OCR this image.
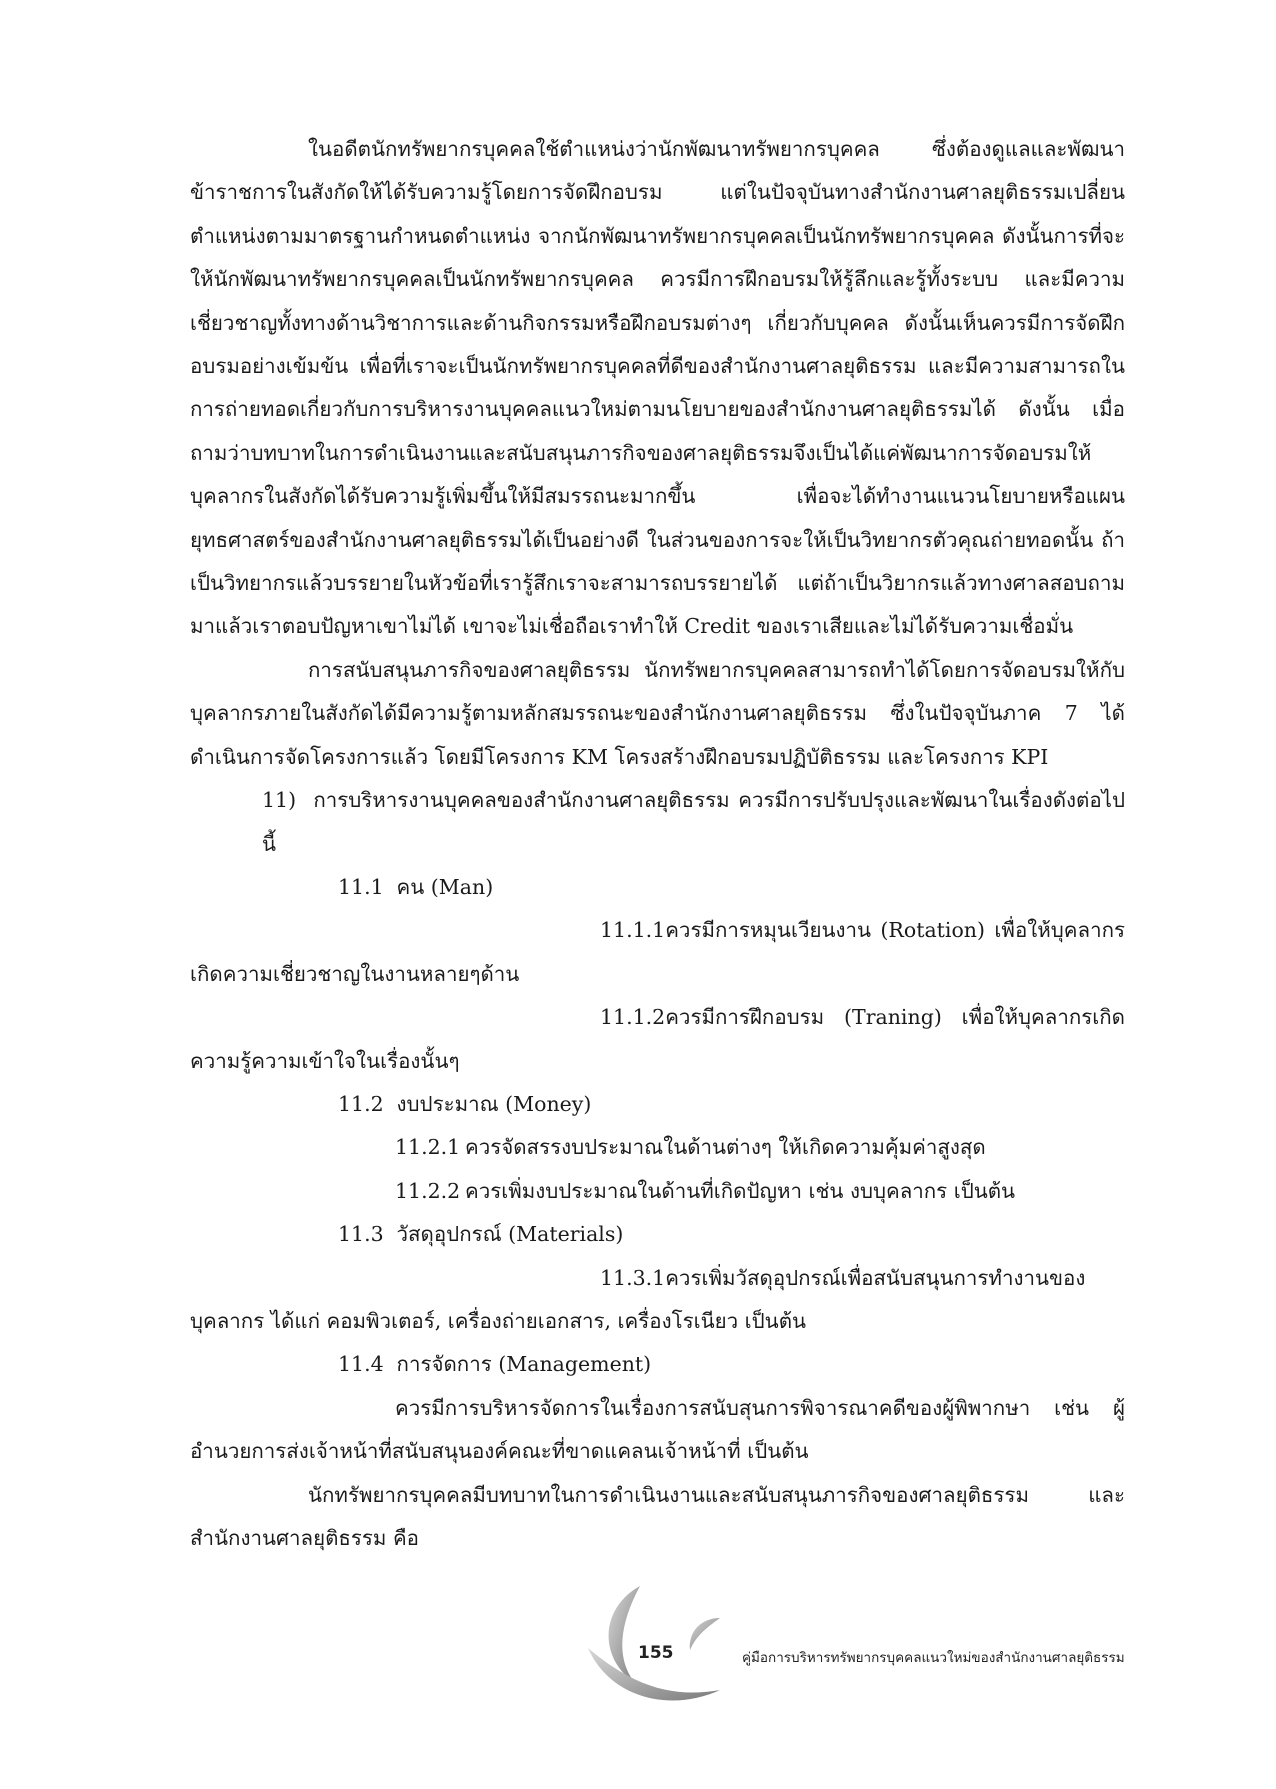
ในอดีตนักทรัพยากรบุคคลใช้ตำแหน่งว่านักพัฒนาทรัพยากรบุคคล ซึ่งต้องดูแลและพัฒนาข้าราชการในสังกัดให้ได้รับความรู้โดยการจัดฝึกอบรม แต่ในปัจจุบันทางสำนักงานศาลยุติธรรมเปลี่ยนตำแหน่งตามมาตรฐานกำหนดตำแหน่ง จากนักพัฒนาทรัพยากรบุคคลเป็นนักทรัพยากรบุคคล ดังนั้นการที่จะให้นักพัฒนาทรัพยากรบุคคลเป็นนักทรัพยากรบุคคล ควรมีการฝึกอบรมให้รู้ลึกและรู้ทั้งระบบ และมีความเชี่ยวชาญทั้งทางด้านวิชาการและด้านกิจกรรมหรือฝึกอบรมต่างๆ เกี่ยวกับบุคคล ดังนั้นเห็นควรมีการจัดฝึกอบรมอย่างเข้มข้น เพื่อที่เราจะเป็นนักทรัพยากรบุคคลที่ดีของสำนักงานศาลยุติธรรม และมีความสามารถในการถ่ายทอดเกี่ยวกับการบริหารงานบุคคลแนวใหม่ตามนโยบายของสำนักงานศาลยุติธรรมได้ ดังนั้น เมื่อถามว่าบทบาทในการดำเนินงานและสนับสนุนภารกิจของศาลยุติธรรมจึงเป็นได้แค่พัฒนาการจัดอบรมให้บุคลากรในสังกัดได้รับความรู้เพิ่มขึ้นให้มีสมรรถนะมากขึ้น เพื่อจะได้ทำงานแนวนโยบายหรือแผนยุทธศาสตร์ของสำนักงานศาลยุติธรรมได้เป็นอย่างดี ในส่วนของการจะให้เป็นวิทยากรตัวคุณถ่ายทอดนั้น ถ้าเป็นวิทยากรแล้วบรรยายในหัวข้อที่เรารู้สึกเราจะสามารถบรรยายได้ แต่ถ้าเป็นวิยากรแล้วทางศาลสอบถามมาแล้วเราตอบปัญหาเขาไม่ได้ เขาจะไม่เชื่อถือเราทำให้ Credit ของเราเสียและไม่ได้รับความเชื่อมั่น

การสนับสนุนภารกิจของศาลยุติธรรม นักทรัพยากรบุคคลสามารถทำได้โดยการจัดอบรมให้กับบุคลากรภายในสังกัดได้มีความรู้ตามหลักสมรรถนะของสำนักงานศาลยุติธรรม ซึ่งในปัจจุบันภาค 7 ได้ดำเนินการจัดโครงการแล้ว โดยมีโครงการ KM โครงสร้างฝึกอบรมปฏิบัติธรรม และโครงการ KPI

11) การบริหารงานบุคคลของสำนักงานศาลยุติธรรม ควรมีการปรับปรุงและพัฒนาในเรื่องดังต่อไปนี้

11.1 คน (Man)

11.1.1ควรมีการหมุนเวียนงาน (Rotation) เพื่อให้บุคลากรเกิดความเชี่ยวชาญในงานหลายๆด้าน

11.1.2ควรมีการฝึกอบรม (Traning) เพื่อให้บุคลากรเกิดความรู้ความเข้าใจในเรื่องนั้นๆ

11.2 งบประมาณ (Money)

11.2.1 ควรจัดสรรงบประมาณในด้านต่างๆ ให้เกิดความคุ้มค่าสูงสุด

11.2.2 ควรเพิ่มงบประมาณในด้านที่เกิดปัญหา เช่น งบบุคลากร เป็นต้น

11.3 วัสดุอุปกรณ์ (Materials)

11.3.1ควรเพิ่มวัสดุอุปกรณ์เพื่อสนับสนุนการทำงานของบุคลากร ได้แก่ คอมพิวเตอร์, เครื่องถ่ายเอกสาร, เครื่องโรเนียว เป็นต้น

11.4 การจัดการ (Management)

ควรมีการบริหารจัดการในเรื่องการสนับสุนการพิจารณาคดีของผู้พิพากษา เช่น ผู้อำนวยการส่งเจ้าหน้าที่สนับสนุนองค์คณะที่ขาดแคลนเจ้าหน้าที่ เป็นต้น

นักทรัพยากรบุคคลมีบทบาทในการดำเนินงานและสนับสนุนภารกิจของศาลยุติธรรม และสำนักงานศาลยุติธรรม คือ

155	คู่มือการบริหารทรัพยากรบุคคลแนวใหม่ของสำนักงานศาลยุติธรรม
